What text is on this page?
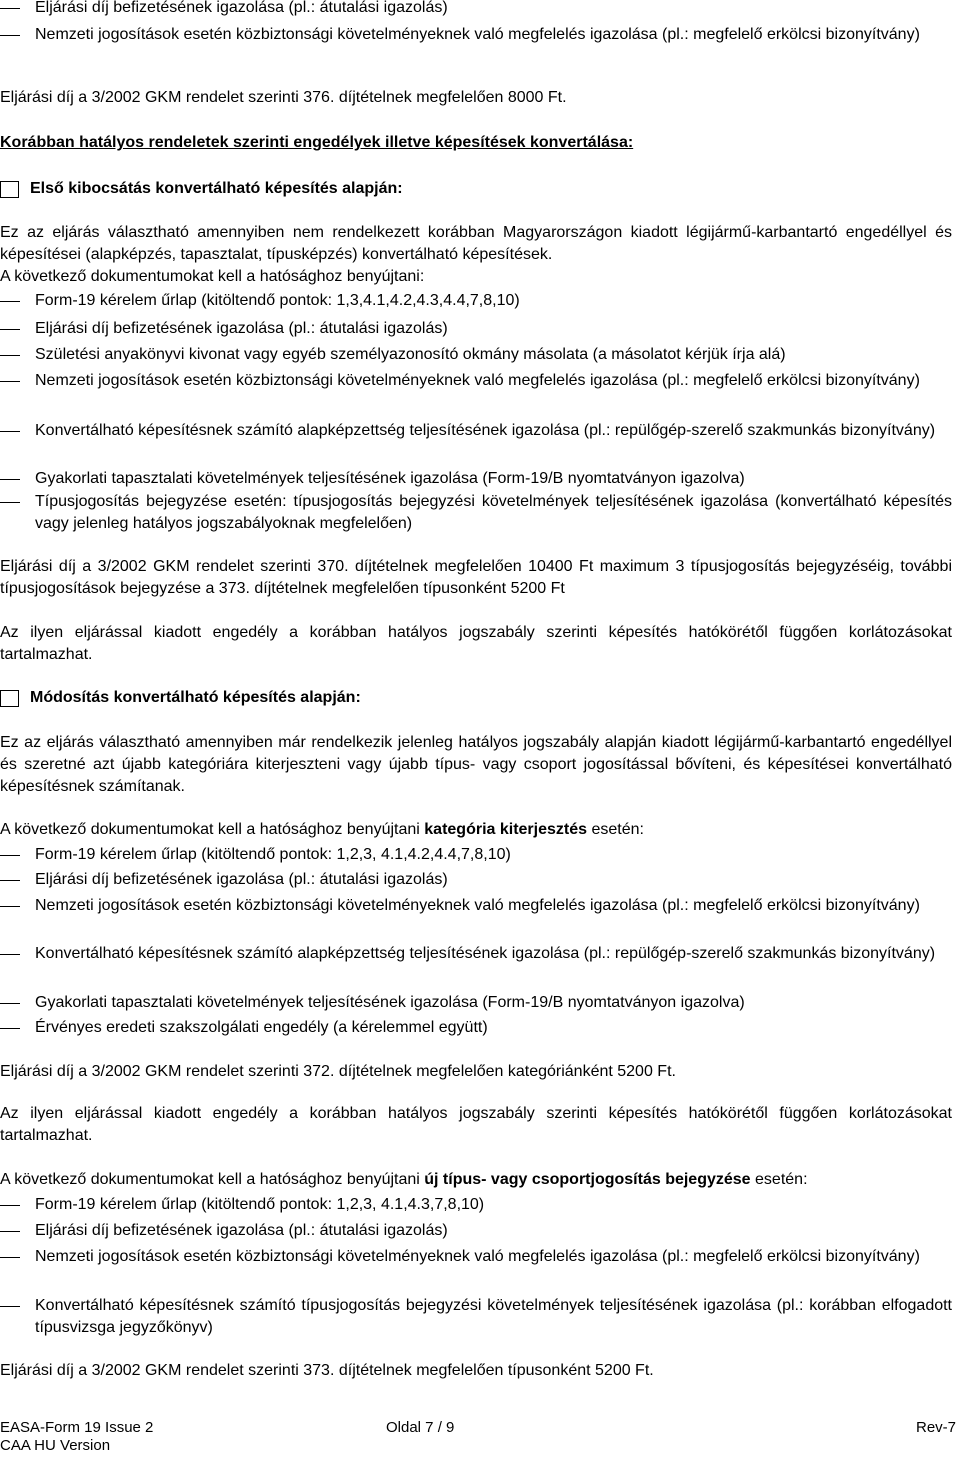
Eljárási díj befizetésének igazolása (pl.: átutalási igazolás)
Nemzeti jogosítások esetén közbiztonsági követelményeknek való megfelelés igazolása (pl.: megfelelő erkölcsi bizonyítvány)
Eljárási díj a 3/2002 GKM rendelet szerinti 376. díjtételnek megfelelően 8000 Ft.
Korábban hatályos rendeletek szerinti engedélyek illetve képesítések konvertálása:
Első kibocsátás konvertálható képesítés alapján:
Ez az eljárás választható amennyiben nem rendelkezett korábban Magyarországon kiadott légijármű-karbantartó engedéllyel és képesítései (alapképzés, tapasztalat, típusképzés) konvertálható képesítések.
A következő dokumentumokat kell a hatósághoz benyújtani:
Form-19 kérelem űrlap (kitöltendő pontok: 1,3,4.1,4.2,4.3,4.4,7,8,10)
Eljárási díj befizetésének igazolása (pl.: átutalási igazolás)
Születési anyakönyvi kivonat vagy egyéb személyazonosító okmány másolata (a másolatot kérjük írja alá)
Nemzeti jogosítások esetén közbiztonsági követelményeknek való megfelelés igazolása (pl.: megfelelő erkölcsi bizonyítvány)
Konvertálható képesítésnek számító alapképzettség teljesítésének igazolása (pl.: repülőgép-szerelő szakmunkás bizonyítvány)
Gyakorlati tapasztalati követelmények teljesítésének igazolása (Form-19/B nyomtatványon igazolva)
Típusjogosítás bejegyzése esetén: típusjogosítás bejegyzési követelmények teljesítésének igazolása (konvertálható képesítés vagy jelenleg hatályos jogszabályoknak megfelelően)
Eljárási díj a 3/2002 GKM rendelet szerinti 370. díjtételnek megfelelően 10400 Ft maximum 3 típusjogosítás bejegyzéséig, további típusjogosítások bejegyzése a 373. díjtételnek megfelelően típusonként 5200 Ft
Az ilyen eljárással kiadott engedély a korábban hatályos jogszabály szerinti képesítés hatókörétől függően korlátozásokat tartalmazhat.
Módosítás konvertálható képesítés alapján:
Ez az eljárás választható amennyiben már rendelkezik jelenleg hatályos jogszabály alapján kiadott légijármű-karbantartó engedéllyel és szeretné azt újabb kategóriára kiterjeszteni vagy újabb típus- vagy csoport jogosítással bővíteni, és képesítései konvertálható képesítésnek számítanak.
A következő dokumentumokat kell a hatósághoz benyújtani kategória kiterjesztés esetén:
Form-19 kérelem űrlap (kitöltendő pontok: 1,2,3, 4.1,4.2,4.4,7,8,10)
Eljárási díj befizetésének igazolása (pl.: átutalási igazolás)
Nemzeti jogosítások esetén közbiztonsági követelményeknek való megfelelés igazolása (pl.: megfelelő erkölcsi bizonyítvány)
Konvertálható képesítésnek számító alapképzettség teljesítésének igazolása (pl.: repülőgép-szerelő szakmunkás bizonyítvány)
Gyakorlati tapasztalati követelmények teljesítésének igazolása (Form-19/B nyomtatványon igazolva)
Érvényes eredeti szakszolgálati engedély (a kérelemmel együtt)
Eljárási díj a 3/2002 GKM rendelet szerinti 372. díjtételnek megfelelően kategóriánként 5200 Ft.
Az ilyen eljárással kiadott engedély a korábban hatályos jogszabály szerinti képesítés hatókörétől függően korlátozásokat tartalmazhat.
A következő dokumentumokat kell a hatósághoz benyújtani új típus- vagy csoportjogosítás bejegyzése esetén:
Form-19 kérelem űrlap (kitöltendő pontok: 1,2,3, 4.1,4.3,7,8,10)
Eljárási díj befizetésének igazolása (pl.: átutalási igazolás)
Nemzeti jogosítások esetén közbiztonsági követelményeknek való megfelelés igazolása (pl.: megfelelő erkölcsi bizonyítvány)
Konvertálható képesítésnek számító típusjogosítás bejegyzési követelmények teljesítésének igazolása (pl.: korábban elfogadott típusvizsga jegyzőkönyv)
Eljárási díj a 3/2002 GKM rendelet szerinti 373. díjtételnek megfelelően típusonként 5200 Ft.
EASA-Form 19 Issue 2	Oldal 7 / 9	Rev-7
CAA HU Version
